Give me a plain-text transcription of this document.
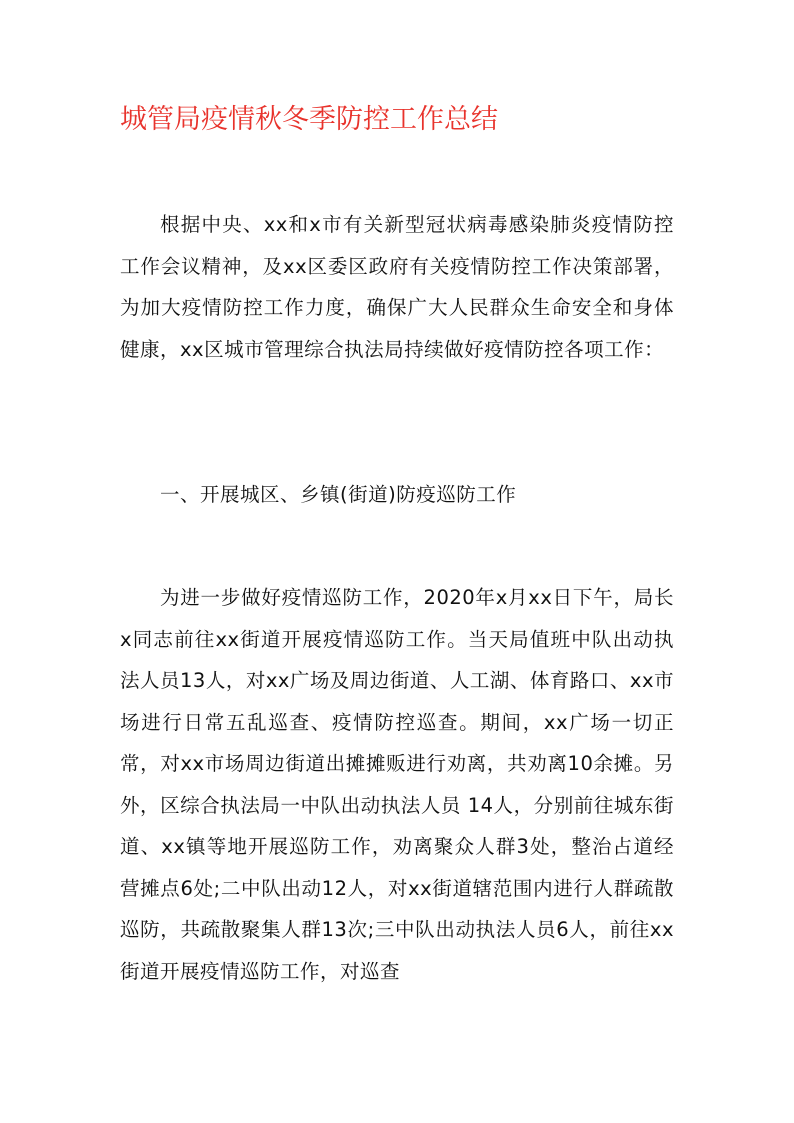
城管局疫情秋冬季防控工作总结

根据中央、xx和x市有关新型冠状病毒感染肺炎疫情防控工作会议精神，及xx区委区政府有关疫情防控工作决策部署，为加大疫情防控工作力度，确保广大人民群众生命安全和身体健康，xx区城市管理综合执法局持续做好疫情防控各项工作：

一、开展城区、乡镇(街道)防疫巡防工作

为进一步做好疫情巡防工作，2020年x月xx日下午，局长x同志前往xx街道开展疫情巡防工作。当天局值班中队出动执法人员13人，对xx广场及周边街道、人工湖、体育路口、xx市场进行日常五乱巡查、疫情防控巡查。期间，xx广场一切正常，对xx市场周边街道出摊摊贩进行劝离，共劝离10余摊。另外，区综合执法局一中队出动执法人员 14人，分别前往城东街道、xx镇等地开展巡防工作，劝离聚众人群3处，整治占道经营摊点6处;二中队出动12人，对xx街道辖范围内进行人群疏散巡防，共疏散聚集人群13次;三中队出动执法人员6人，前往xx街道开展疫情巡防工作，对巡查
